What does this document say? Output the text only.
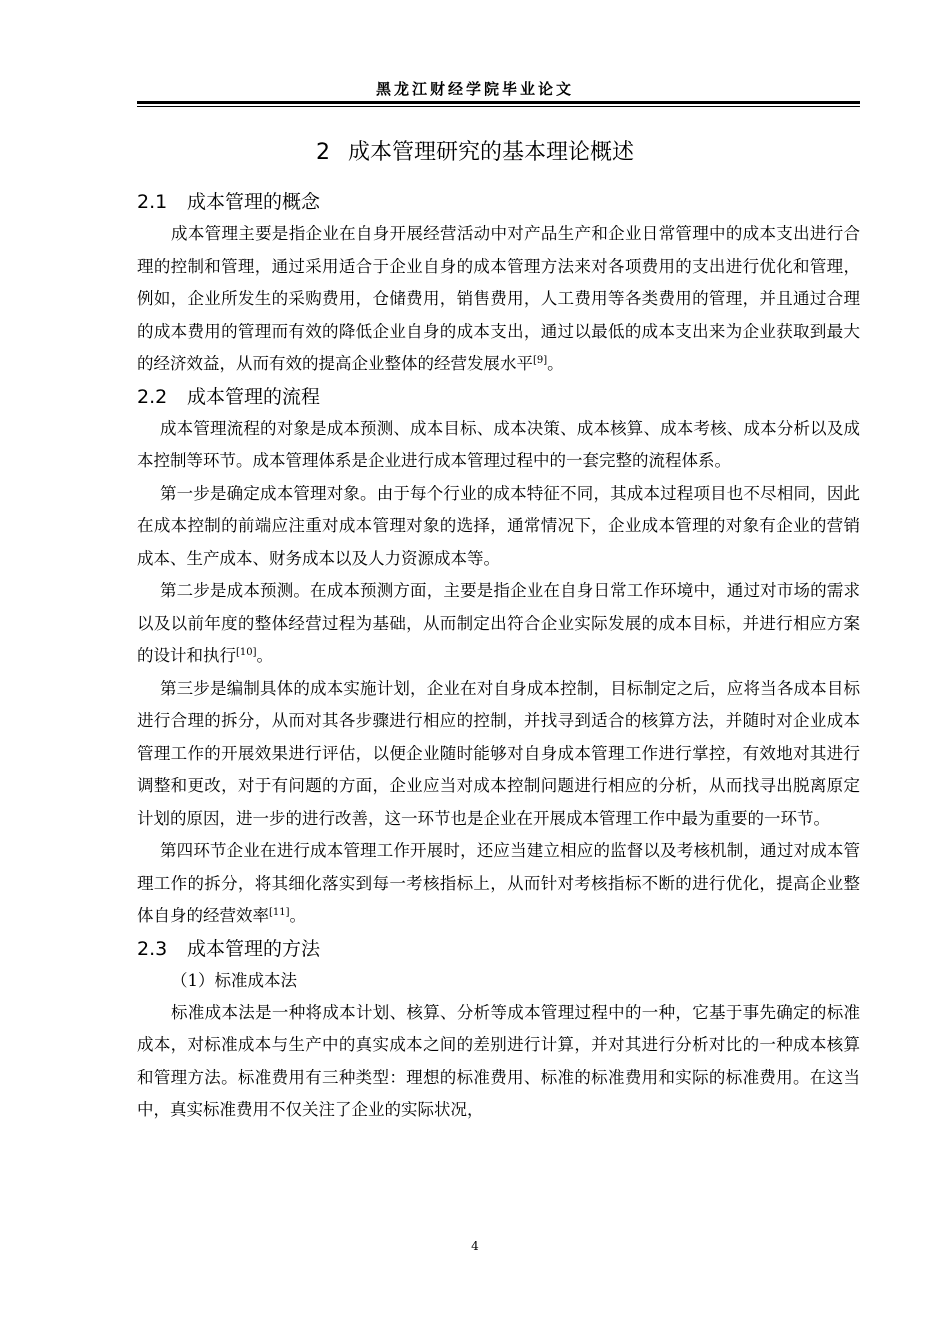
黑龙江财经学院毕业论文
2 成本管理研究的基本理论概述
2.1 成本管理的概念

成本管理主要是指企业在自身开展经营活动中对产品生产和企业日常管理中的成本支出进行合理的控制和管理，通过采用适合于企业自身的成本管理方法来对各项费用的支出进行优化和管理，例如，企业所发生的采购费用，仓储费用，销售费用，人工费用等各类费用的管理，并且通过合理的成本费用的管理而有效的降低企业自身的成本支出，通过以最低的成本支出来为企业获取到最大的经济效益，从而有效的提高企业整体的经营发展水平[9]。

2.2 成本管理的流程

成本管理流程的对象是成本预测、成本目标、成本决策、成本核算、成本考核、成本分析以及成本控制等环节。成本管理体系是企业进行成本管理过程中的一套完整的流程体系。

第一步是确定成本管理对象。由于每个行业的成本特征不同，其成本过程项目也不尽相同，因此在成本控制的前端应注重对成本管理对象的选择，通常情况下，企业成本管理的对象有企业的营销成本、生产成本、财务成本以及人力资源成本等。

第二步是成本预测。在成本预测方面，主要是指企业在自身日常工作环境中，通过对市场的需求以及以前年度的整体经营过程为基础，从而制定出符合企业实际发展的成本目标，并进行相应方案的设计和执行[10]。

第三步是编制具体的成本实施计划，企业在对自身成本控制，目标制定之后，应将当各成本目标进行合理的拆分，从而对其各步骤进行相应的控制，并找寻到适合的核算方法，并随时对企业成本管理工作的开展效果进行评估，以便企业随时能够对自身成本管理工作进行掌控，有效地对其进行调整和更改，对于有问题的方面，企业应当对成本控制问题进行相应的分析，从而找寻出脱离原定计划的原因，进一步的进行改善，这一环节也是企业在开展成本管理工作中最为重要的一环节。

第四环节企业在进行成本管理工作开展时，还应当建立相应的监督以及考核机制，通过对成本管理工作的拆分，将其细化落实到每一考核指标上，从而针对考核指标不断的进行优化，提高企业整体自身的经营效率[11]。

2.3 成本管理的方法
（1）标准成本法

标准成本法是一种将成本计划、核算、分析等成本管理过程中的一种，它基于事先确定的标准成本，对标准成本与生产中的真实成本之间的差别进行计算，并对其进行分析对比的一种成本核算和管理方法。标准费用有三种类型：理想的标准费用、标准的标准费用和实际的标准费用。在这当中，真实标准费用不仅关注了企业的实际状况，

4
